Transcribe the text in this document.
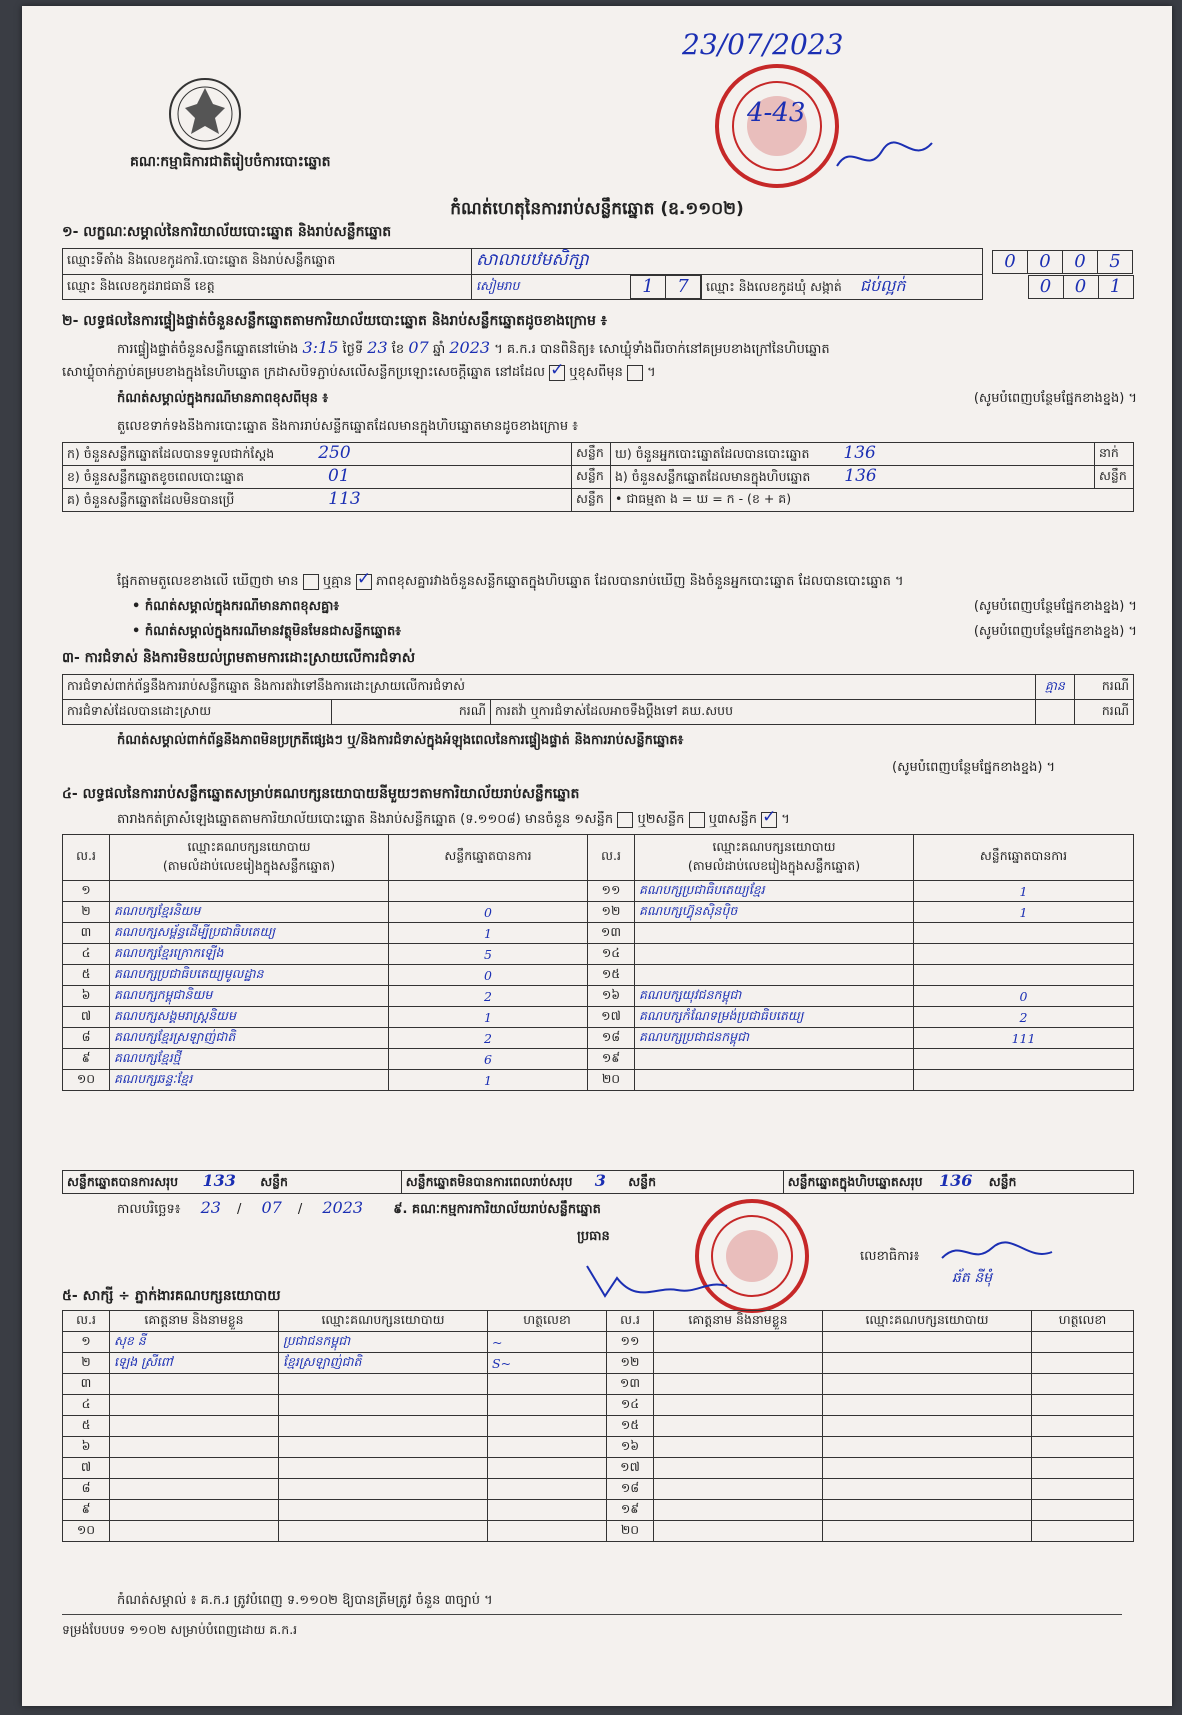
គណៈកម្មាធិការជាតិរៀបចំការបោះឆ្នោត
23/07/2023
4-43
កំណត់ហេតុនៃការរាប់សន្លឹកឆ្នោត (ឧ.១១០២)
១- លក្ខណៈសម្គាល់នៃការិយាល័យបោះឆ្នោត និងរាប់សន្លឹកឆ្នោត
ឈ្មោះទីតាំង និងលេខកូដការិ.បោះឆ្នោត និងរាប់សន្លឹកឆ្នោត	សាលាបឋមសិក្សា			0 0 0 5
ឈ្មោះ និងលេខកូដរាជធានី ខេត្ត	សៀមរាប	1 7	ឈ្មោះ និងលេខកូដឃុំ សង្កាត់ ជប់ល្អក់	0 0 1
២- លទ្ធផលនៃការផ្ទៀងផ្ទាត់ចំនួនសន្លឹកឆ្នោតតាមការិយាល័យបោះឆ្នោត និងរាប់សន្លឹកឆ្នោតដូចខាងក្រោម ៖
ការផ្ទៀងផ្ទាត់ចំនួនសន្លឹកឆ្នោតនៅម៉ោង 3:15 ថ្ងៃទី 23 ខែ 07 ឆ្នាំ 2023 ។ គ.ក.រ បានពិនិត្យ៖ សោឃ្លុំទាំងពីរចាក់នៅគម្របខាងក្រៅនៃហិបឆ្នោត
សោឃ្លុំចាក់ភ្ជាប់គម្របខាងក្នុងនៃហិបឆ្នោត ក្រដាសបិទភ្ជាប់សលើសន្លឹកប្រឡោះសេចក្ដីឆ្នោត នៅដដែល ✓ ឬខុសពីមុន  ។
កំណត់សម្គាល់ក្នុងករណីមានភាពខុសពីមុន ៖	(សូមបំពេញបន្ថែមផ្នែកខាងខ្នង) ។
តួលេខទាក់ទងនឹងការបោះឆ្នោត និងការរាប់សន្លឹកឆ្នោតដែលមានក្នុងហិបឆ្នោតមានដូចខាងក្រោម ៖
ក) ចំនួនសន្លឹកឆ្នោតដែលបានទទួលជាក់ស្ដែង 250	សន្លឹក	ឃ) ចំនួនអ្នកបោះឆ្នោតដែលបានបោះឆ្នោត 136	នាក់
ខ) ចំនួនសន្លឹកឆ្នោតខូចពេលបោះឆ្នោត 01	សន្លឹក	ង) ចំនួនសន្លឹកឆ្នោតដែលមានក្នុងហិបឆ្នោត 136	សន្លឹក
គ) ចំនួនសន្លឹកឆ្នោតដែលមិនបានប្រើ 113	សន្លឹក	• ជាធម្មតា ង = ឃ = ក - (ខ + គ)	
ផ្អែកតាមតួលេខខាងលើ ឃើញថា មាន ឬគ្មាន ✓ ភាពខុសគ្នារវាងចំនួនសន្លឹកឆ្នោតក្នុងហិបឆ្នោត ដែលបានរាប់ឃើញ និងចំនួនអ្នកបោះឆ្នោត ដែលបានបោះឆ្នោត ។
• កំណត់សម្គាល់ក្នុងករណីមានភាពខុសគ្នា៖	(សូមបំពេញបន្ថែមផ្នែកខាងខ្នង) ។
• កំណត់សម្គាល់ក្នុងករណីមានវត្ថុមិនមែនជាសន្លឹកឆ្នោត៖	(សូមបំពេញបន្ថែមផ្នែកខាងខ្នង) ។
៣- ការជំទាស់ និងការមិនយល់ព្រមតាមការដោះស្រាយលើការជំទាស់
ការជំទាស់ពាក់ព័ន្ធនឹងការរាប់សន្លឹកឆ្នោត និងការតវ៉ាទៅនឹងការដោះស្រាយលើការជំទាស់			គ្មាន	ករណី
ការជំទាស់ដែលបានដោះស្រាយ	ករណី	ការតវ៉ា ឬការជំទាស់ដែលអាចទឹងប្ដឹងទៅ គឃ.សបប		ករណី
កំណត់សម្គាល់ពាក់ព័ន្ធនឹងភាពមិនប្រក្រតីផ្សេងៗ ឬ/និងការជំទាស់ក្នុងអំឡុងពេលនៃការផ្ទៀងផ្ទាត់ និងការរាប់សន្លឹកឆ្នោត៖
(សូមបំពេញបន្ថែមផ្នែកខាងខ្នង) ។
៤- លទ្ធផលនៃការរាប់សន្លឹកឆ្នោតសម្រាប់គណបក្សនយោបាយនីមួយៗតាមការិយាល័យរាប់សន្លឹកឆ្នោត
តារាងកត់ត្រាសំឡេងឆ្នោតតាមការិយាល័យបោះឆ្នោត និងរាប់សន្លឹកឆ្នោត (ទ.១១០៨) មានចំនួន ១សន្លឹក ឬ២សន្លឹក ឬ៣សន្លឹក ✓ ។
ល.រ	ឈ្មោះគណបក្សនយោបាយ
(តាមលំដាប់លេខរៀងក្នុងសន្លឹកឆ្នោត)	សន្លឹកឆ្នោតបានការ	ល.រ	ឈ្មោះគណបក្សនយោបាយ
(តាមលំដាប់លេខរៀងក្នុងសន្លឹកឆ្នោត)	សន្លឹកឆ្នោតបានការ
១			១១	គណបក្សប្រជាធិបតេយ្យខ្មែរ	1
២	គណបក្សខ្មែរនិយម	0	១២	គណបក្សហ៊្វុនស៊ិនប៉ិច	1
៣	គណបក្សសម្ព័ន្ធដើម្បីប្រជាធិបតេយ្យ	1	១៣		
៤	គណបក្សខ្មែរក្រោកឡើង	5	១៤		
៥	គណបក្សប្រជាធិបតេយ្យមូលដ្ឋាន	0	១៥		
៦	គណបក្សកម្ពុជានិយម	2	១៦	គណបក្សយុវជនកម្ពុជា	0
៧	គណបក្សសង្គមរាស្ត្រនិយម	1	១៧	គណបក្សកំណែទម្រង់ប្រជាធិបតេយ្យ	2
៨	គណបក្សខ្មែរស្រឡាញ់ជាតិ	2	១៨	គណបក្សប្រជាជនកម្ពុជា	111
៩	គណបក្សខ្មែរថ្មី	6	១៩		
១០	គណបក្សឆន្ទៈខ្មែរ	1	២០		
សន្លឹកឆ្នោតបានការសរុប 133 សន្លឹក	សន្លឹកឆ្នោតមិនបានការពេលរាប់សរុប 3 សន្លឹក	សន្លឹកឆ្នោតក្នុងហិបឆ្នោតសរុប 136 សន្លឹក
កាលបរិច្ឆេទ៖ 23 / 07 / 2023 ៩. គណៈកម្មការការិយាល័យរាប់សន្លឹកឆ្នោត
ប្រធាន
លេខាធិការ៖
ឆ័ត នីមុំ
៥- សាក្សី ÷ ភ្នាក់ងារគណបក្សនយោបាយ
ល.រ	គោត្តនាម និងនាមខ្លួន	ឈ្មោះគណបក្សនយោបាយ	ហត្ថលេខា	ល.រ	គោត្តនាម និងនាមខ្លួន	ឈ្មោះគណបក្សនយោបាយ	ហត្ថលេខា
១	សុខ នី	ប្រជាជនកម្ពុជា	~	១១			
២	ឡេង ស្រីពៅ	ខ្មែរស្រឡាញ់ជាតិ	S~	១២			
៣				១៣			
៤				១៤			
៥				១៥			
៦				១៦			
៧				១៧			
៨				១៨			
៩				១៩			
១០				២០			
កំណត់សម្គាល់ ៖ គ.ក.រ ត្រូវបំពេញ ទ.១១០២ ឱ្យបានត្រឹមត្រូវ ចំនួន ៣ច្បាប់ ។
ទម្រង់បែបបទ ១១០២ សម្រាប់បំពេញដោយ គ.ក.រ
